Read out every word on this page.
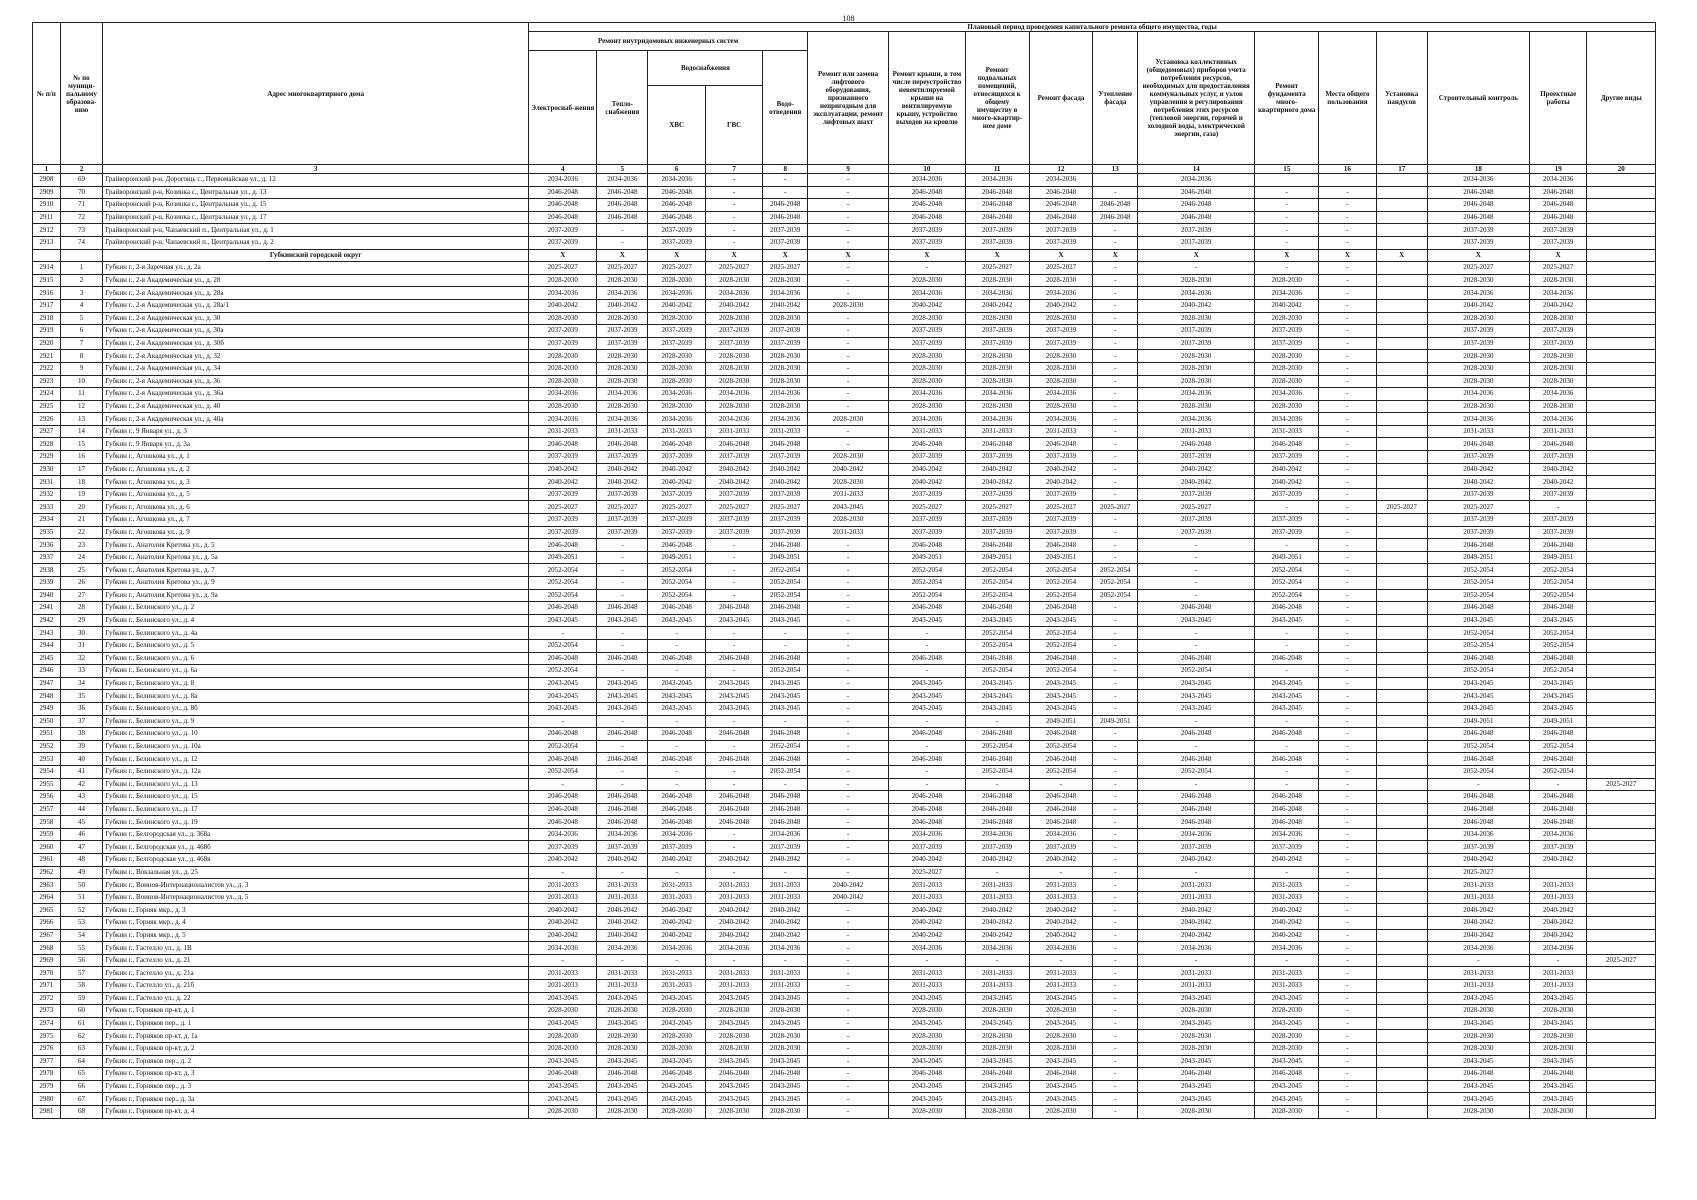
108
№ п/п	№ по муници-пальному образова-нию	Адрес многоквартирного дома	Плановый период проведения капитального ремонта общего имущества, годы																
			Ремонт внутридомовых инженерных систем					Ремонт или замена лифтового оборудования, признанного непригодным для эксплуатации, ремонт лифтовых шахт	Ремонт крыши, в том числе переустройство невентилируемой крыши на вентилируемую крышу, устройство выходов на кровлю	Ремонт подвальных помещений, относящихся к общему имуществу в много-квартир-ном доме	Ремонт фасада	Утепление фасада	Установка коллективных (общедомовых) приборов учета потребления ресурсов, необходимых для предоставления коммунальных услуг, и узлов управления и регулирования потребления этих ресурсов (тепловой энергии, горячей и холодной воды, электрической энергии, газа)	Ремонт фундамента много-квартирного дома	Места общего пользования	Установка пандусов	Строительный контроль	Проектные работы	Другие виды
			Электроснаб-жения	Тепло-снабжения	Водоснабжения		Водо-отведения												
					ХВС	ГВС													
1	2	3	4	5	6	7	8	9	10	11	12	13	14	15	16	17	18	19	20
2908	69	Грайворонский р-н, Дорогощь с., Первомайская ул., д. 12	2034-2036	2034-2036	2034-2036	-	-	-	2034-2036	2034-2036	2034-2036		2034-2036				2034-2036	2034-2036	
2909	70	Грайворонский р-н, Козинка с., Центральная ул., д. 13	2046-2048	2046-2048	2046-2048	-	-	-	2046-2048	2046-2048	2046-2048	-	2046-2048	-	-		2046-2048	2046-2048	
2910	71	Грайворонский р-н, Козинка с., Центральная ул., д. 15	2046-2048	2046-2048	2046-2048	-	2046-2048	-	2046-2048	2046-2048	2046-2048	2046-2048	2046-2048	-	-		2046-2048	2046-2048	
2911	72	Грайворонский р-н, Козинка с., Центральная ул., д. 17	2046-2048	2046-2048	2046-2048	-	2046-2048	-	2046-2048	2046-2048	2046-2048	2046-2048	2046-2048	-	-		2046-2048	2046-2048	
2912	73	Грайворонский р-н, Чапаевский п., Центральная ул., д. 1	2037-2039	-	2037-2039	-	2037-2039	-	2037-2039	2037-2039	2037-2039	-	2037-2039	-	-		2037-2039	2037-2039	
2913	74	Грайворонский р-н, Чапаевский п., Центральная ул., д. 2	2037-2039	-	2037-2039	-	2037-2039	-	2037-2039	2037-2039	2037-2039	-	2037-2039	-	-		2037-2039	2037-2039	
		Губкинский городской округ	X	X	X	X	X	X	X	X	X	X	X	X	X	X	X	X	
2914	1	Губкин г., 2-я Заречная ул., д. 2а	2025-2027	2025-2027	2025-2027	2025-2027	2025-2027	-	-	2025-2027	2025-2027	-	-	-	-		2025-2027	2025-2027	
2915	2	Губкин г., 2-я Академическая ул., д. 28	2028-2030	2028-2030	2028-2030	2028-2030	2028-2030	-	2028-2030	2028-2030	2028-2030	-	2028-2030	2028-2030	-		2028-2030	2028-2030	
2916	3	Губкин г., 2-я Академическая ул., д. 28а	2034-2036	2034-2036	2034-2036	2034-2036	2034-2036	-	2034-2036	2034-2036	2034-2036	-	2034-2036	2034-2036	-		2034-2036	2034-2036	
2917	4	Губкин г., 2-я Академическая ул., д. 28а/1	2040-2042	2040-2042	2040-2042	2040-2042	2040-2042	2028-2030	2040-2042	2040-2042	2040-2042	-	2040-2042	2040-2042	-		2040-2042	2040-2042	
2918	5	Губкин г., 2-я Академическая ул., д. 30	2028-2030	2028-2030	2028-2030	2028-2030	2028-2030	-	2028-2030	2028-2030	2028-2030	-	2028-2030	2028-2030	-		2028-2030	2028-2030	
2919	6	Губкин г., 2-я Академическая ул., д. 30а	2037-2039	2037-2039	2037-2039	2037-2039	2037-2039	-	2037-2039	2037-2039	2037-2039	-	2037-2039	2037-2039	-		2037-2039	2037-2039	
2920	7	Губкин г., 2-я Академическая ул., д. 30б	2037-2039	2037-2039	2037-2039	2037-2039	2037-2039	-	2037-2039	2037-2039	2037-2039	-	2037-2039	2037-2039	-		2037-2039	2037-2039	
2921	8	Губкин г., 2-я Академическая ул., д. 32	2028-2030	2028-2030	2028-2030	2028-2030	2028-2030	-	2028-2030	2028-2030	2028-2030	-	2028-2030	2028-2030	-		2028-2030	2028-2030	
2922	9	Губкин г., 2-я Академическая ул., д. 34	2028-2030	2028-2030	2028-2030	2028-2030	2028-2030	-	2028-2030	2028-2030	2028-2030	-	2028-2030	2028-2030	-		2028-2030	2028-2030	
2923	10	Губкин г., 2-я Академическая ул., д. 36	2028-2030	2028-2030	2028-2030	2028-2030	2028-2030	-	2028-2030	2028-2030	2028-2030	-	2028-2030	2028-2030	-		2028-2030	2028-2030	
2924	11	Губкин г., 2-я Академическая ул., д. 36а	2034-2036	2034-2036	2034-2036	2034-2036	2034-2036	-	2034-2036	2034-2036	2034-2036	-	2034-2036	2034-2036	-		2034-2036	2034-2036	
2925	12	Губкин г., 2-я Академическая ул., д. 40	2028-2030	2028-2030	2028-2030	2028-2030	2028-2030	-	2028-2030	2028-2030	2028-2030	-	2028-2030	2028-2030	-		2028-2030	2028-2030	
2926	13	Губкин г., 2-я Академическая ул., д. 40а	2034-2036	2034-2036	2034-2036	2034-2036	2034-2036	2028-2030	2034-2036	2034-2036	2034-2036	-	2034-2036	2034-2036	-		2034-2036	2034-2036	
2927	14	Губкин г., 9 Января ул., д. 3	2031-2033	2031-2033	2031-2033	2031-2033	2031-2033	-	2031-2033	2031-2033	2031-2033	-	2031-2033	2031-2033	-		2031-2033	2031-2033	
2928	15	Губкин г., 9 Января ул., д. 3а	2046-2048	2046-2048	2046-2048	2046-2048	2046-2048	-	2046-2048	2046-2048	2046-2048	-	2046-2048	2046-2048	-		2046-2048	2046-2048	
2929	16	Губкин г., Агошкова ул., д. 1	2037-2039	2037-2039	2037-2039	2037-2039	2037-2039	2028-2030	2037-2039	2037-2039	2037-2039	-	2037-2039	2037-2039	-		2037-2039	2037-2039	
2930	17	Губкин г., Агошкова ул., д. 2	2040-2042	2040-2042	2040-2042	2040-2042	2040-2042	2040-2042	2040-2042	2040-2042	2040-2042	-	2040-2042	2040-2042	-		2040-2042	2040-2042	
2931	18	Губкин г., Агошкова ул., д. 3	2040-2042	2040-2042	2040-2042	2040-2042	2040-2042	2028-2030	2040-2042	2040-2042	2040-2042	-	2040-2042	2040-2042	-		2040-2042	2040-2042	
2932	19	Губкин г., Агошкова ул., д. 5	2037-2039	2037-2039	2037-2039	2037-2039	2037-2039	2031-2033	2037-2039	2037-2039	2037-2039	-	2037-2039	2037-2039	-		2037-2039	2037-2039	
2933	20	Губкин г., Агошкова ул., д. 6	2025-2027	2025-2027	2025-2027	2025-2027	2025-2027	2043-2045	2025-2027	2025-2027	2025-2027	2025-2027	2025-2027	-	-	2025-2027	2025-2027	-	
2934	21	Губкин г., Агошкова ул., д. 7	2037-2039	2037-2039	2037-2039	2037-2039	2037-2039	2028-2030	2037-2039	2037-2039	2037-2039	-	2037-2039	2037-2039	-		2037-2039	2037-2039	
2935	22	Губкин г., Агошкова ул., д. 9	2037-2039	2037-2039	2037-2039	2037-2039	2037-2039	2031-2033	2037-2039	2037-2039	2037-2039	-	2037-2039	2037-2039	-		2037-2039	2037-2039	
2936	23	Губкин г., Анатолия Кретова ул., д. 5	2046-2048	-	2046-2048	-	2046-2048	-	2046-2048	2046-2048	2046-2048	-	-	-	-		2046-2048	2046-2048	
2937	24	Губкин г., Анатолия Кретова ул., д. 5а	2049-2051	-	2049-2051	-	2049-2051	-	2049-2051	2049-2051	2049-2051	-	-	2049-2051	-		2049-2051	2049-2051	
2938	25	Губкин г., Анатолия Кретова ул., д. 7	2052-2054	-	2052-2054	-	2052-2054	-	2052-2054	2052-2054	2052-2054	2052-2054	-	2052-2054	-		2052-2054	2052-2054	
2939	26	Губкин г., Анатолия Кретова ул., д. 9	2052-2054	-	2052-2054	-	2052-2054	-	2052-2054	2052-2054	2052-2054	2052-2054	-	2052-2054	-		2052-2054	2052-2054	
2940	27	Губкин г., Анатолия Кретова ул., д. 9а	2052-2054	-	2052-2054	-	2052-2054	-	2052-2054	2052-2054	2052-2054	2052-2054	-	2052-2054	-		2052-2054	2052-2054	
2941	28	Губкин г., Белинского ул., д. 2	2046-2048	2046-2048	2046-2048	2046-2048	2046-2048	-	2046-2048	2046-2048	2046-2048	-	2046-2048	2046-2048	-		2046-2048	2046-2048	
2942	29	Губкин г., Белинского ул., д. 4	2043-2045	2043-2045	2043-2045	2043-2045	2043-2045	-	2043-2045	2043-2045	2043-2045	-	2043-2045	2043-2045	-		2043-2045	2043-2045	
2943	30	Губкин г., Белинского ул., д. 4а	-	-	-	-	-	-	-	2052-2054	2052-2054	-	-	-	-		2052-2054	2052-2054	
2944	31	Губкин г., Белинского ул., д. 5	2052-2054	-	-	-	-	-	-	2052-2054	2052-2054	-	-	-	-		2052-2054	2052-2054	
2945	32	Губкин г., Белинского ул., д. 6	2046-2048	2046-2048	2046-2048	2046-2048	2046-2048	-	2046-2048	2046-2048	2046-2048	-	2046-2048	2046-2048	-		2046-2048	2046-2048	
2946	33	Губкин г., Белинского ул., д. 6а	2052-2054	-	-	-	2052-2054	-	-	2052-2054	2052-2054	-	2052-2054	-	-		2052-2054	2052-2054	
2947	34	Губкин г., Белинского ул., д. 8	2043-2045	2043-2045	2043-2045	2043-2045	2043-2045	-	2043-2045	2043-2045	2043-2045	-	2043-2045	2043-2045	-		2043-2045	2043-2045	
2948	35	Губкин г., Белинского ул., д. 8а	2043-2045	2043-2045	2043-2045	2043-2045	2043-2045	-	2043-2045	2043-2045	2043-2045	-	2043-2045	2043-2045	-		2043-2045	2043-2045	
2949	36	Губкин г., Белинского ул., д. 8б	2043-2045	2043-2045	2043-2045	2043-2045	2043-2045	-	2043-2045	2043-2045	2043-2045	-	2043-2045	2043-2045	-		2043-2045	2043-2045	
2950	37	Губкин г., Белинского ул., д. 9	-	-	-	-	-	-	-	-	2049-2051	2049-2051	-	-	-		2049-2051	2049-2051	
2951	38	Губкин г., Белинского ул., д. 10	2046-2048	2046-2048	2046-2048	2046-2048	2046-2048	-	2046-2048	2046-2048	2046-2048	-	2046-2048	2046-2048	-		2046-2048	2046-2048	
2952	39	Губкин г., Белинского ул., д. 10а	2052-2054	-	-	-	2052-2054	-	-	2052-2054	2052-2054	-	-	-	-		2052-2054	2052-2054	
2953	40	Губкин г., Белинского ул., д. 12	2046-2048	2046-2048	2046-2048	2046-2048	2046-2048	-	2046-2048	2046-2048	2046-2048	-	2046-2048	2046-2048	-		2046-2048	2046-2048	
2954	41	Губкин г., Белинского ул., д. 12а	2052-2054	-	-	-	2052-2054	-	-	2052-2054	2052-2054	-	2052-2054	-	-		2052-2054	2052-2054	
2955	42	Губкин г., Белинского ул., д. 13	-	-	-	-	-	-	-	-	-	-	-	-	-		-	-	2025-2027
2956	43	Губкин г., Белинского ул., д. 15	2046-2048	2046-2048	2046-2048	2046-2048	2046-2048	-	2046-2048	2046-2048	2046-2048	-	2046-2048	2046-2048	-		2046-2048	2046-2048	
2957	44	Губкин г., Белинского ул., д. 17	2046-2048	2046-2048	2046-2048	2046-2048	2046-2048	-	2046-2048	2046-2048	2046-2048	-	2046-2048	2046-2048	-		2046-2048	2046-2048	
2958	45	Губкин г., Белинского ул., д. 19	2046-2048	2046-2048	2046-2048	2046-2048	2046-2048	-	2046-2048	2046-2048	2046-2048	-	2046-2048	2046-2048	-		2046-2048	2046-2048	
2959	46	Губкин г., Белгородская ул., д. 368а	2034-2036	2034-2036	2034-2036	-	2034-2036	-	2034-2036	2034-2036	2034-2036	-	2034-2036	2034-2036	-		2034-2036	2034-2036	
2960	47	Губкин г., Белгородская ул., д. 468б	2037-2039	2037-2039	2037-2039	-	2037-2039	-	2037-2039	2037-2039	2037-2039	-	2037-2039	2037-2039	-		2037-2039	2037-2039	
2961	48	Губкин г., Белгородская ул., д. 468в	2040-2042	2040-2042	2040-2042	2040-2042	2040-2042	-	2040-2042	2040-2042	2040-2042	-	2040-2042	2040-2042	-		2040-2042	2040-2042	
2962	49	Губкин г., Вокзальная ул., д. 25	-	-	-	-	-	-	2025-2027	-	-	-	-	-	-		2025-2027		
2963	50	Губкин г., Воинов-Интернационалистов ул., д. 3	2031-2033	2031-2033	2031-2033	2031-2033	2031-2033	2040-2042	2031-2033	2031-2033	2031-2033	-	2031-2033	2031-2033	-		2031-2033	2031-2033	
2964	51	Губкин г., Воинов-Интернационалистов ул., д. 5	2031-2033	2031-2033	2031-2033	2031-2033	2031-2033	2040-2042	2031-2033	2031-2033	2031-2033	-	2031-2033	2031-2033	-		2031-2033	2031-2033	
2965	52	Губкин г., Горняк мкр., д. 3	2040-2042	2040-2042	2040-2042	2040-2042	2040-2042	-	2040-2042	2040-2042	2040-2042	-	2040-2042	2040-2042	-		2040-2042	2040-2042	
2966	53	Губкин г., Горняк мкр., д. 4	2040-2042	2040-2042	2040-2042	2040-2042	2040-2042	-	2040-2042	2040-2042	2040-2042	-	2040-2042	2040-2042	-		2040-2042	2040-2042	
2967	54	Губкин г., Горняк мкр., д. 5	2040-2042	2040-2042	2040-2042	2040-2042	2040-2042	-	2040-2042	2040-2042	2040-2042	-	2040-2042	2040-2042	-		2040-2042	2040-2042	
2968	55	Губкин г., Гастелло ул., д. 1В	2034-2036	2034-2036	2034-2036	2034-2036	2034-2036	-	2034-2036	2034-2036	2034-2036	-	2034-2036	2034-2036	-		2034-2036	2034-2036	
2969	56	Губкин г., Гастелло ул., д. 21	-	-	-	-	-	-	-	-	-	-	-	-	-		-	-	2025-2027
2970	57	Губкин г., Гастелло ул., д. 21а	2031-2033	2031-2033	2031-2033	2031-2033	2031-2033	-	2031-2033	2031-2033	2031-2033	-	2031-2033	2031-2033	-		2031-2033	2031-2033	
2971	58	Губкин г., Гастелло ул., д. 21б	2031-2033	2031-2033	2031-2033	2031-2033	2031-2033	-	2031-2033	2031-2033	2031-2033	-	2031-2033	2031-2033	-		2031-2033	2031-2033	
2972	59	Губкин г., Гастелло ул., д. 22	2043-2045	2043-2045	2043-2045	2043-2045	2043-2045	-	2043-2045	2043-2045	2043-2045	-	2043-2045	2043-2045	-		2043-2045	2043-2045	
2973	60	Губкин г., Горняков пр-кт, д. 1	2028-2030	2028-2030	2028-2030	2028-2030	2028-2030	-	2028-2030	2028-2030	2028-2030	-	2028-2030	2028-2030	-		2028-2030	2028-2030	
2974	61	Губкин г., Горняков пер., д. 1	2043-2045	2043-2045	2043-2045	2043-2045	2043-2045	-	2043-2045	2043-2045	2043-2045	-	2043-2045	2043-2045	-		2043-2045	2043-2045	
2975	62	Губкин г., Горняков пр-кт, д. 1а	2028-2030	2028-2030	2028-2030	2028-2030	2028-2030	-	2028-2030	2028-2030	2028-2030	-	2028-2030	2028-2030	-		2028-2030	2028-2030	
2976	63	Губкин г., Горняков пр-кт, д. 2	2028-2030	2028-2030	2028-2030	2028-2030	2028-2030	-	2028-2030	2028-2030	2028-2030	-	2028-2030	2028-2030	-		2028-2030	2028-2030	
2977	64	Губкин г., Горняков пер., д. 2	2043-2045	2043-2045	2043-2045	2043-2045	2043-2045	-	2043-2045	2043-2045	2043-2045	-	2043-2045	2043-2045	-		2043-2045	2043-2045	
2978	65	Губкин г., Горняков пр-кт, д. 3	2046-2048	2046-2048	2046-2048	2046-2048	2046-2048	-	2046-2048	2046-2048	2046-2048	-	2046-2048	2046-2048	-		2046-2048	2046-2048	
2979	66	Губкин г., Горняков пер., д. 3	2043-2045	2043-2045	2043-2045	2043-2045	2043-2045	-	2043-2045	2043-2045	2043-2045	-	2043-2045	2043-2045	-		2043-2045	2043-2045	
2980	67	Губкин г., Горняков пер., д. 3а	2043-2045	2043-2045	2043-2045	2043-2045	2043-2045	-	2043-2045	2043-2045	2043-2045	-	2043-2045	2043-2045	-		2043-2045	2043-2045	
2981	68	Губкин г., Горняков пр-кт, д. 4	2028-2030	2028-2030	2028-2030	2028-2030	2028-2030	-	2028-2030	2028-2030	2028-2030	-	2028-2030	2028-2030	-		2028-2030	2028-2030	
